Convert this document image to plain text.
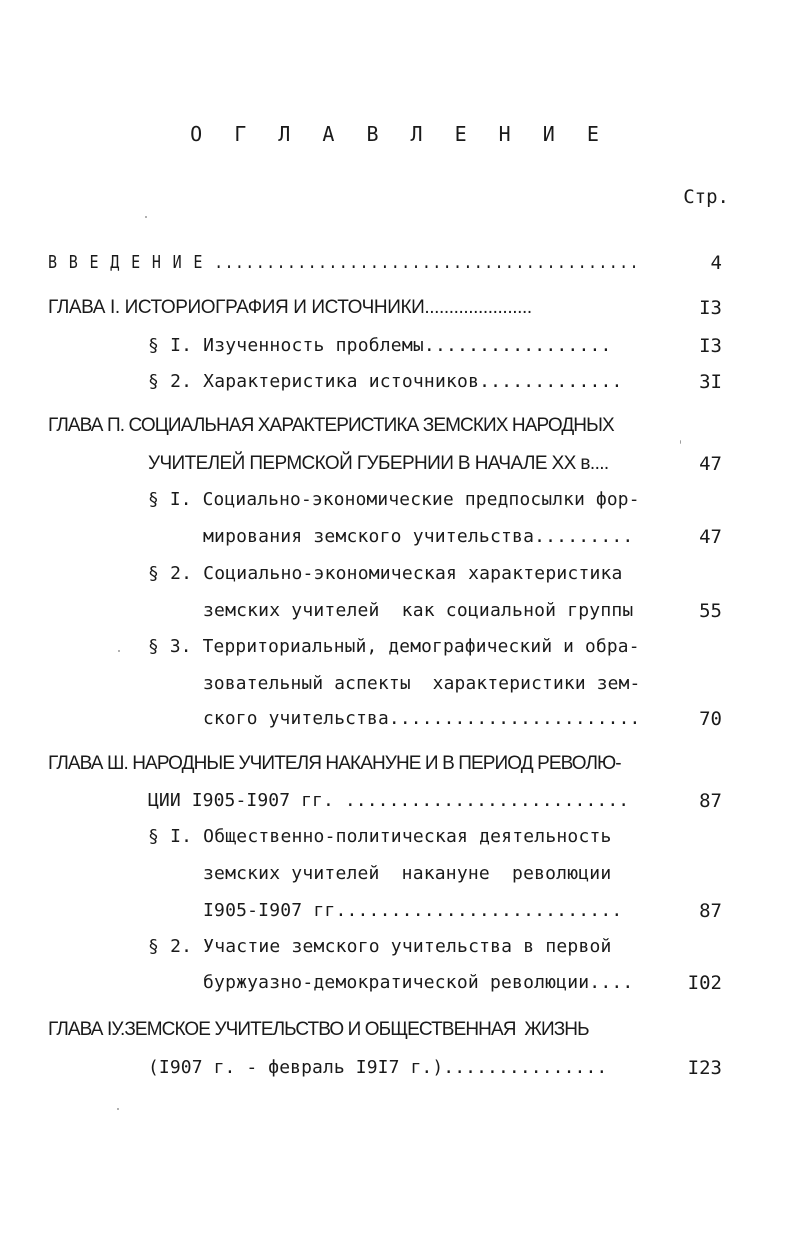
О Г Л А В Л Е Н И Е
Стр.
В В Е Д Е Н И Е .........................................	4
ГЛАВА I. ИСТОРИОГРАФИЯ И ИСТОЧНИКИ......................	I3
§ I. Изученность проблемы.................	I3
§ 2. Характеристика источников.............	3I
ГЛАВА П. СОЦИАЛЬНАЯ ХАРАКТЕРИСТИКА ЗЕМСКИХ НАРОДНЫХ
УЧИТЕЛЕЙ ПЕРМСКОЙ ГУБЕРНИИ В НАЧАЛЕ XX в....	47
§ I. Социально-экономические предпосылки фор-
мирования земского учительства.........	47
§ 2. Социально-экономическая характеристика
земских учителей  как социальной группы	55
§ 3. Территориальный, демографический и обра-
зовательный аспекты  характеристики зем-
ского учительства.......................	70
ГЛАВА Ш. НАРОДНЫЕ УЧИТЕЛЯ НАКАНУНЕ И В ПЕРИОД РЕВОЛЮ-
ЦИИ I905-I907 гг. ..........................	87
§ I. Общественно-политическая деятельность
земских учителей  накануне  революции
I905-I907 гг..........................	87
§ 2. Участие земского учительства в первой
буржуазно-демократической революции....	I02
ГЛАВА IУ.ЗЕМСКОЕ УЧИТЕЛЬСТВО И ОБЩЕСТВЕННАЯ  ЖИЗНЬ
(I907 г. - февраль I9I7 г.)...............	I23
